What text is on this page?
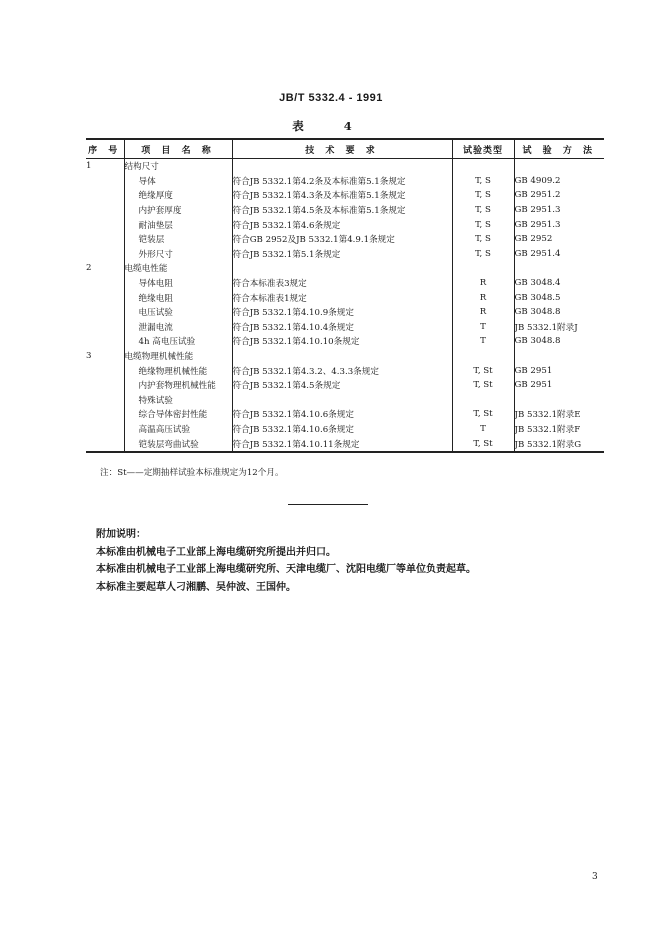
JB/T 5332.4 - 1991
表 4
序 号	项 目 名 称	技 术 要 求	试验类型	试 验 方 法
1	结构尺寸			
	导体	符合JB 5332.1第4.2条及本标准第5.1条规定	T, S	GB 4909.2
	绝缘厚度	符合JB 5332.1第4.3条及本标准第5.1条规定	T, S	GB 2951.2
	内护套厚度	符合JB 5332.1第4.5条及本标准第5.1条规定	T, S	GB 2951.3
	耐油垫层	符合JB 5332.1第4.6条规定	T, S	GB 2951.3
	铠装层	符合GB 2952及JB 5332.1第4.9.1条规定	T, S	GB 2952
	外形尺寸	符合JB 5332.1第5.1条规定	T, S	GB 2951.4
2	电缆电性能			
	导体电阻	符合本标准表3规定	R	GB 3048.4
	绝缘电阻	符合本标准表1规定	R	GB 3048.5
	电压试验	符合JB 5332.1第4.10.9条规定	R	GB 3048.8
	泄漏电流	符合JB 5332.1第4.10.4条规定	T	JB 5332.1附录J
	4h 高电压试验	符合JB 5332.1第4.10.10条规定	T	GB 3048.8
3	电缆物理机械性能			
	绝缘物理机械性能	符合JB 5332.1第4.3.2、4.3.3条规定	T, St	GB 2951
	内护套物理机械性能	符合JB 5332.1第4.5条规定	T, St	GB 2951
	特殊试验			
	综合导体密封性能	符合JB 5332.1第4.10.6条规定	T, St	JB 5332.1附录E
	高温高压试验	符合JB 5332.1第4.10.6条规定	T	JB 5332.1附录F
	铠装层弯曲试验	符合JB 5332.1第4.10.11条规定	T, St	JB 5332.1附录G
注：St——定期抽样试验本标准规定为12个月。
附加说明：
本标准由机械电子工业部上海电缆研究所提出并归口。
本标准由机械电子工业部上海电缆研究所、天津电缆厂、沈阳电缆厂等单位负责起草。
本标准主要起草人刁湘鹏、吴仲波、王国仲。
3
